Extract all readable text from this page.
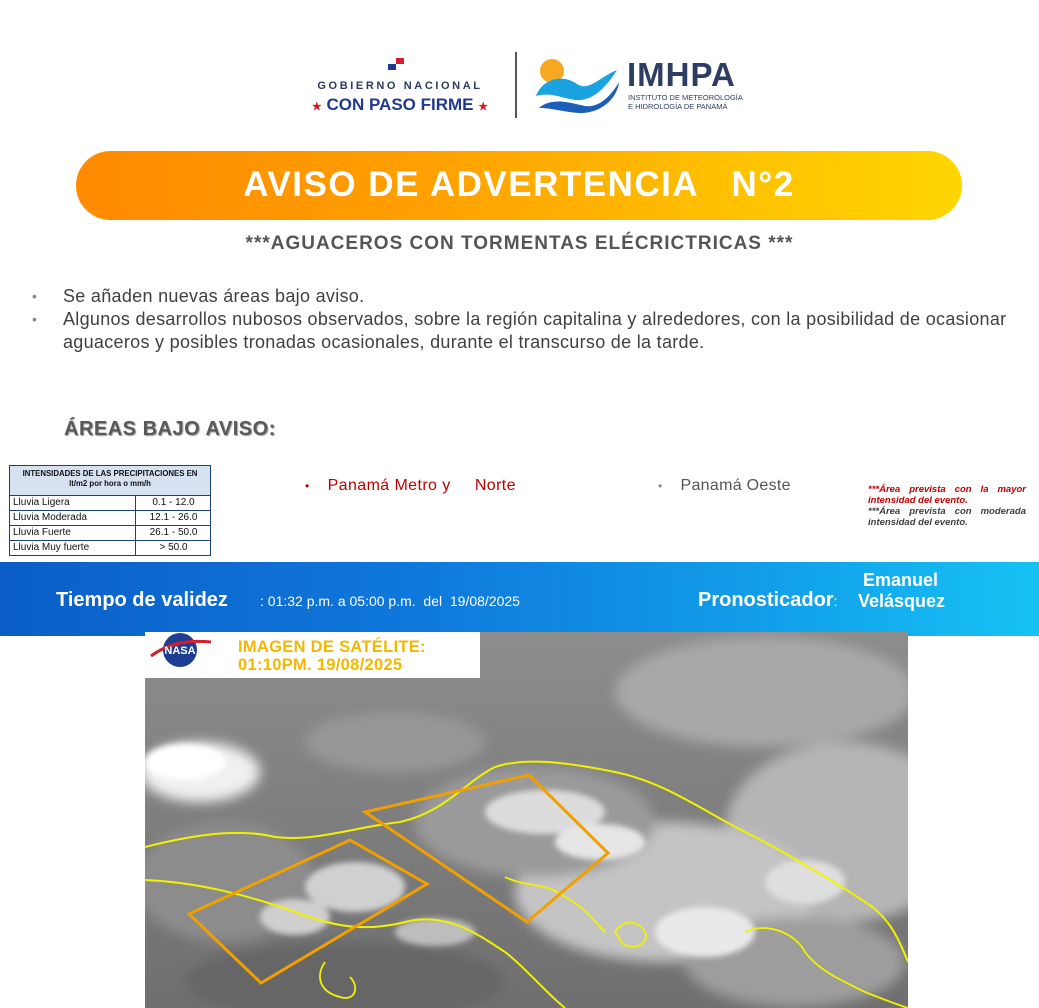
GOBIERNO NACIONAL
★ CON PASO FIRME ★
IMHPA
INSTITUTO DE METEOROLOGÍA
E HIDROLOGÍA DE PANAMÁ
AVISO DE ADVERTENCIA   N°2
***AGUACEROS CON TORMENTAS ELÉCRICTRICAS ***
• Se añaden nuevas áreas bajo aviso.
• Algunos desarrollos nubosos observados, sobre la región capitalina y alrededores, con la posibilidad de ocasionar aguaceros y posibles tronadas ocasionales, durante el transcurso de la tarde.
ÁREAS BAJO AVISO:
INTENSIDADES DE LAS PRECIPITACIONES EN
lt/m2 por hora o mm/h
Lluvia Ligera	0.1 - 12.0
Lluvia Moderada	12.1 - 26.0
Lluvia Fuerte	26.1 - 50.0
Lluvia Muy fuerte	> 50.0
• Panamá Metro y     Norte	• Panamá Oeste	***Área prevista con la mayor intensidad del evento.
***Área prevista con moderada intensidad del evento.
Tiempo de validez : 01:32 p.m. a 05:00 p.m.  del  19/08/2025	Pronosticador:
Emanuel
Velásquez
NASA	IMAGEN DE SATÉLITE:
01:10PM. 19/08/2025
